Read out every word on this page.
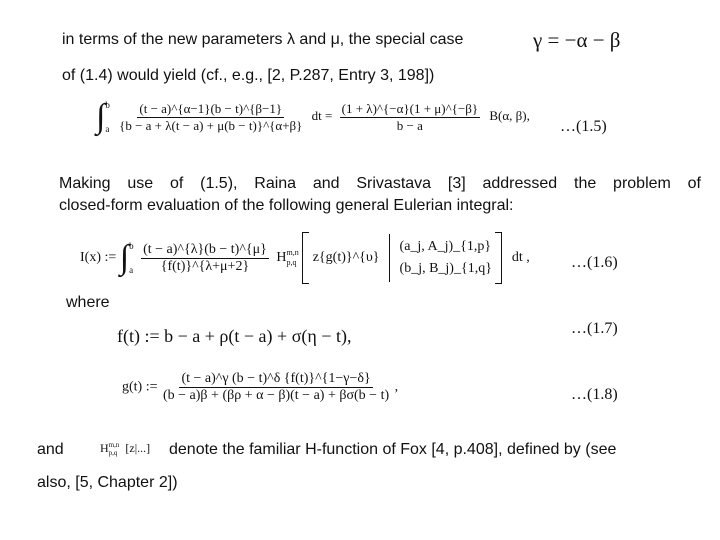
in terms of the new parameters λ and μ, the special case	γ = −α − β
of (1.4) would yield (cf., e.g., [2, P.287, Entry 3, 198])
∫ b
a
$\frac{(t - a)\^{}\{\alpha-1\}(b - t)\^{}\{\beta-1\}}{\{b - a + \lambda(t - a) + \mu(b - t)\}\^{}\{\alpha+\beta\}}$ dt = $\frac{(1 + \lambda)\^{}\{-\alpha\}(1 + \mu)\^{}\{-\beta\}}{b - a} B(\alpha$, β),
…(1.5)
Making use of (1.5), Raina and Srivastava [3] addressed the problem of
closed-form evaluation of the following general Eulerian integral:
I(x) := ∫ b
a
$\frac{(t - a)\^{}\{\lambda\}(b - t)\^{}\{\mu\}}{\{f(t)\}\^{}\{\lambda+\mu+2\}}$ H m,n
p,q z{g(t)}^{υ}
(a_j, A_j)_{1,p}
(b_j, B_j)_{1,q}
dt ,	…(1.6)
where
f(t) := b − a + ρ(t − a) + σ(η − t),	…(1.7)
g(t) := $\frac{(t - a)\^{}\gamma (b - t)\^{}\delta \{f(t)\}\^{}\{1-\gamma-\delta\}}{(b - a)\beta + (\beta\rho + \alpha - \beta)(t - a) + \beta\sigma(b - t)}$ ,	…(1.8)
and	H m,n
p,q [z|...] denote the familiar H-function of Fox [4, p.408], defined by (see
also, [5, Chapter 2])
